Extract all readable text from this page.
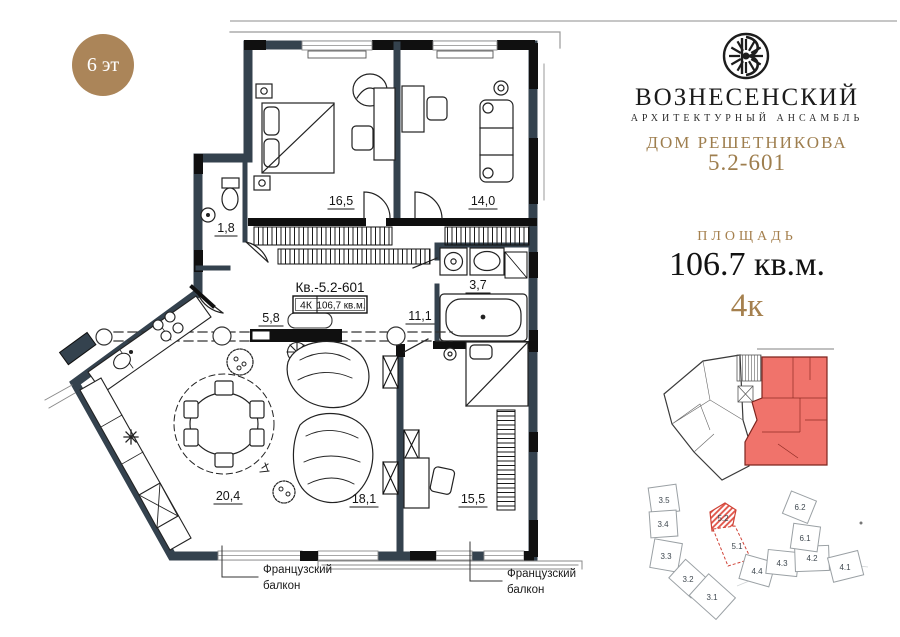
6 эт
ВОЗНЕСЕНСКИЙ
АРХИТЕКТУРНЫЙ АНСАМБЛЬ
ДОМ РЕШЕТНИКОВА
5.2-601
ПЛОЩАДЬ
106.7 кв.м.
4к
16,5	14,0
1,8
3,7
5,8	11,1
20,4	18,1	15,5
Кв.-5.2-601
4К 106,7 кв.м.
Французский
балкон
Французский
балкон
3.5
3.4
3.3
3.2
3.1
5.2
5.1
4.4
4.3
4.2
4.1
6.2
6.1
